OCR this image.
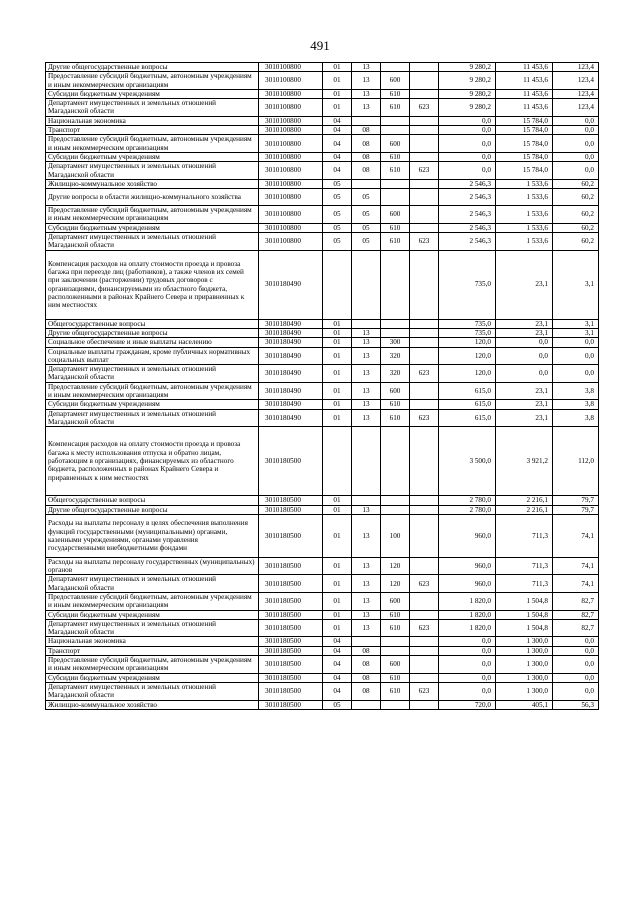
491
Другие общегосударственные вопросы	3010100800	01	13			9 280,2	11 453,6	123,4
Предоставление субсидий бюджетным, автономным учреждениям и иным некоммерческим организациям	3010100800	01	13	600		9 280,2	11 453,6	123,4
Субсидии бюджетным учреждениям	3010100800	01	13	610		9 280,2	11 453,6	123,4
Департамент имущественных и земельных отношений Магаданской области	3010100800	01	13	610	623	9 280,2	11 453,6	123,4
Национальная экономика	3010100800	04				0,0	15 784,0	0,0
Транспорт	3010100800	04	08			0,0	15 784,0	0,0
Предоставление субсидий бюджетным, автономным учреждениям и иным некоммерческим организациям	3010100800	04	08	600		0,0	15 784,0	0,0
Субсидии бюджетным учреждениям	3010100800	04	08	610		0,0	15 784,0	0,0
Департамент имущественных и земельных отношений Магаданской области	3010100800	04	08	610	623	0,0	15 784,0	0,0
Жилищно-коммунальное хозяйство	3010100800	05				2 546,3	1 533,6	60,2
Другие вопросы в области жилищно-коммунального хозяйства	3010100800	05	05			2 546,3	1 533,6	60,2
Предоставление субсидий бюджетным, автономным учреждениям и иным некоммерческим организациям	3010100800	05	05	600		2 546,3	1 533,6	60,2
Субсидии бюджетным учреждениям	3010100800	05	05	610		2 546,3	1 533,6	60,2
Департамент имущественных и земельных отношений Магаданской области	3010100800	05	05	610	623	2 546,3	1 533,6	60,2
Компенсация расходов на оплату стоимости проезда и провоза багажа при переезде лиц (работников), а также членов их семей при заключении (расторжении) трудовых договоров с организациями, финансируемыми из областного бюджета, расположенными в районах Крайнего Севера и приравненных к ним местностях	3010180490					735,0	23,1	3,1
Общегосударственные вопросы	3010180490	01				735,0	23,1	3,1
Другие общегосударственные вопросы	3010180490	01	13			735,0	23,1	3,1
Социальное обеспечение и иные выплаты населению	3010180490	01	13	300		120,0	0,0	0,0
Социальные выплаты гражданам, кроме публичных нормативных социальных выплат	3010180490	01	13	320		120,0	0,0	0,0
Департамент имущественных и земельных отношений Магаданской области	3010180490	01	13	320	623	120,0	0,0	0,0
Предоставление субсидий бюджетным, автономным учреждениям и иным некоммерческим организациям	3010180490	01	13	600		615,0	23,1	3,8
Субсидии бюджетным учреждениям	3010180490	01	13	610		615,0	23,1	3,8
Департамент имущественных и земельных отношений Магаданской области	3010180490	01	13	610	623	615,0	23,1	3,8
Компенсация расходов на оплату стоимости проезда и провоза багажа к месту использования отпуска и обратно лицам, работающим в организациях, финансируемых из областного бюджета, расположенных в районах Крайнего Севера и приравненных к ним местностях	3010180500					3 500,0	3 921,2	112,0
Общегосударственные вопросы	3010180500	01				2 780,0	2 216,1	79,7
Другие общегосударственные вопросы	3010180500	01	13			2 780,0	2 216,1	79,7
Расходы на выплаты персоналу в целях обеспечения выполнения функций государственными (муниципальными) органами, казенными учреждениями, органами управления государственными внебюджетными фондами	3010180500	01	13	100		960,0	711,3	74,1
Расходы на выплаты персоналу государственных (муниципальных) органов	3010180500	01	13	120		960,0	711,3	74,1
Департамент имущественных и земельных отношений Магаданской области	3010180500	01	13	120	623	960,0	711,3	74,1
Предоставление субсидий бюджетным, автономным учреждениям и иным некоммерческим организациям	3010180500	01	13	600		1 820,0	1 504,8	82,7
Субсидии бюджетным учреждениям	3010180500	01	13	610		1 820,0	1 504,8	82,7
Департамент имущественных и земельных отношений Магаданской области	3010180500	01	13	610	623	1 820,0	1 504,8	82,7
Национальная экономика	3010180500	04				0,0	1 300,0	0,0
Транспорт	3010180500	04	08			0,0	1 300,0	0,0
Предоставление субсидий бюджетным, автономным учреждениям и иным некоммерческим организациям	3010180500	04	08	600		0,0	1 300,0	0,0
Субсидии бюджетным учреждениям	3010180500	04	08	610		0,0	1 300,0	0,0
Департамент имущественных и земельных отношений Магаданской области	3010180500	04	08	610	623	0,0	1 300,0	0,0
Жилищно-коммунальное хозяйство	3010180500	05				720,0	405,1	56,3
